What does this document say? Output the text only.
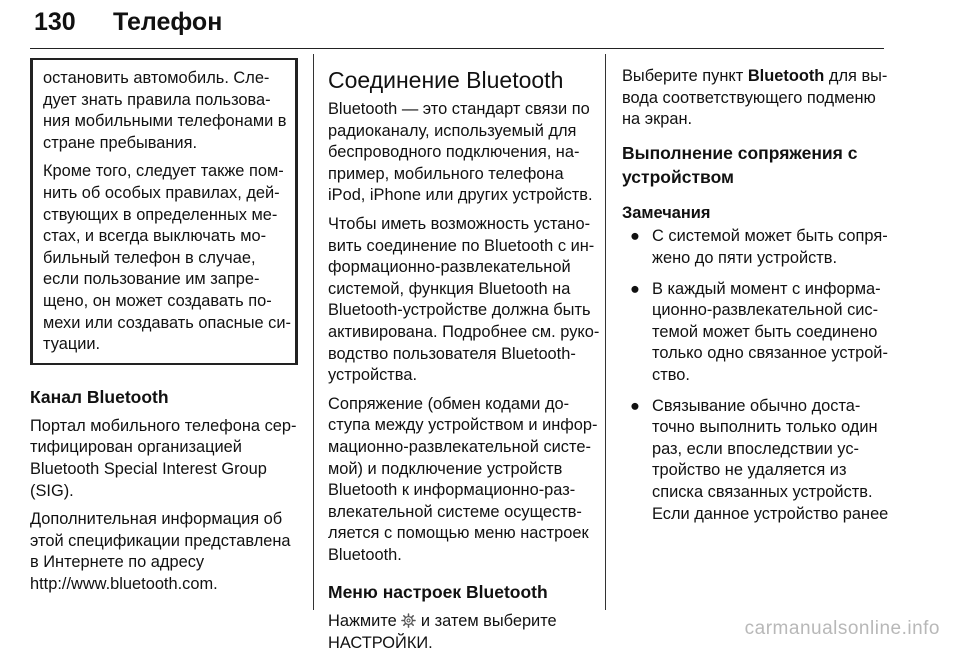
130 Телефон

остановить автомобиль. Сле-
дует знать правила пользова-
ния мобильными телефонами в
стране пребывания.

Кроме того, следует также пом-
нить об особых правилах, дей-
ствующих в определенных ме-
стах, и всегда выключать мо-
бильный телефон в случае,
если пользование им запре-
щено, он может создавать по-
мехи или создавать опасные си-
туации.

Канал Bluetooth

Портал мобильного телефона сер-
тифицирован организацией
Bluetooth Special Interest Group
(SIG).

Дополнительная информация об
этой спецификации представлена
в Интернете по адресу
http://www.bluetooth.com.

Соединение Bluetooth

Bluetooth — это стандарт связи по
радиоканалу, используемый для
беспроводного подключения, на-
пример, мобильного телефона
iPod, iPhone или других устройств.

Чтобы иметь возможность устано-
вить соединение по Bluetooth с ин-
формационно-развлекательной
системой, функция Bluetooth на
Bluetooth-устройстве должна быть
активирована. Подробнее см. руко-
водство пользователя Bluetooth-
устройства.

Сопряжение (обмен кодами до-
ступа между устройством и инфор-
мационно-развлекательной систе-
мой) и подключение устройств
Bluetooth к информационно-раз-
влекательной системе осуществ-
ляется с помощью меню настроек
Bluetooth.

Меню настроек Bluetooth

Нажмите  и затем выберите
НАСТРОЙКИ.

Выберите пункт Bluetooth для вы-
вода соответствующего подменю
на экран.

Выполнение сопряжения с
устройством
Замечания
● С системой может быть сопря-
жено до пяти устройств.
● В каждый момент с информа-
ционно-развлекательной сис-
темой может быть соединено
только одно связанное устрой-
ство.
● Связывание обычно доста-
точно выполнить только один
раз, если впоследствии ус-
тройство не удаляется из
списка связанных устройств.
Если данное устройство ранее
carmanualsonline.info
